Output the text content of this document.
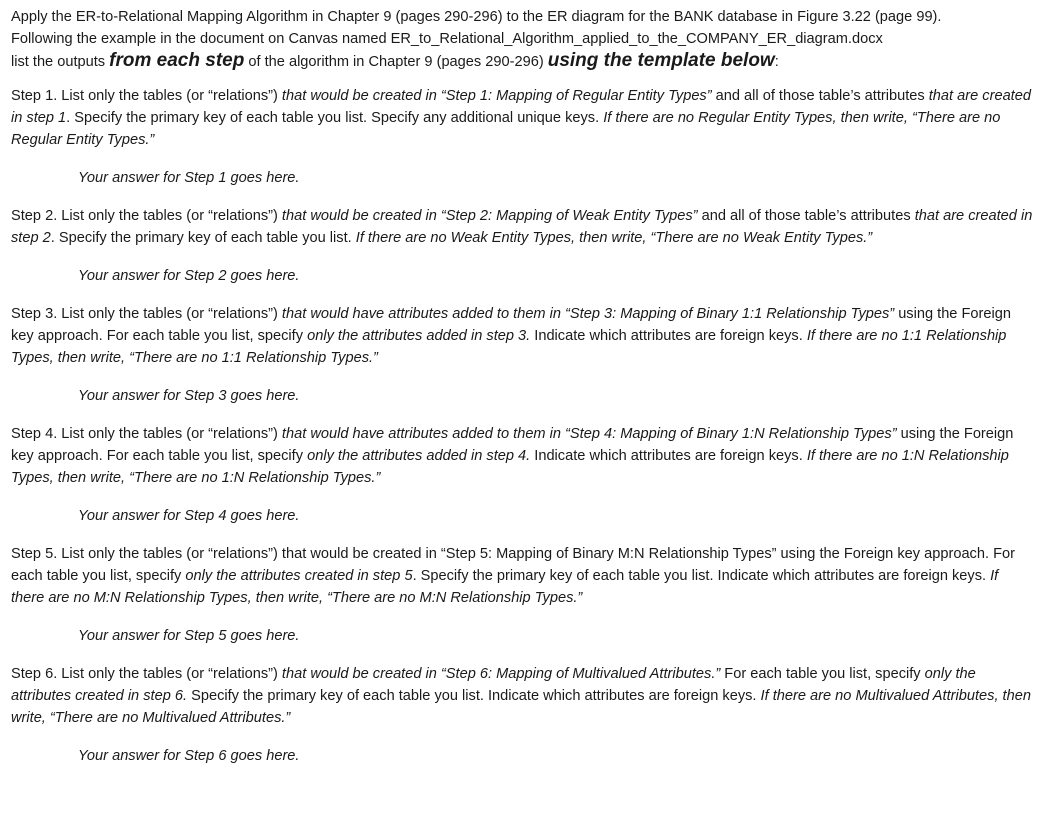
Apply the ER-to-Relational Mapping Algorithm in Chapter 9 (pages 290-296) to the ER diagram for the BANK database in Figure 3.22 (page 99).
Following the example in the document on Canvas named ER_to_Relational_Algorithm_applied_to_the_COMPANY_ER_diagram.docx
list the outputs from each step of the algorithm in Chapter 9 (pages 290-296) using the template below:

Step 1. List only the tables (or “relations”) that would be created in “Step 1: Mapping of Regular Entity Types” and all of those table’s attributes that are created in step 1. Specify the primary key of each table you list. Specify any additional unique keys. If there are no Regular Entity Types, then write, “There are no Regular Entity Types.”

Your answer for Step 1 goes here.

Step 2. List only the tables (or “relations”) that would be created in “Step 2: Mapping of Weak Entity Types” and all of those table’s attributes that are created in step 2. Specify the primary key of each table you list. If there are no Weak Entity Types, then write, “There are no Weak Entity Types.”

Your answer for Step 2 goes here.

Step 3. List only the tables (or “relations”) that would have attributes added to them in “Step 3: Mapping of Binary 1:1 Relationship Types” using the Foreign key approach. For each table you list, specify only the attributes added in step 3. Indicate which attributes are foreign keys. If there are no 1:1 Relationship Types, then write, “There are no 1:1 Relationship Types.”

Your answer for Step 3 goes here.

Step 4. List only the tables (or “relations”) that would have attributes added to them in “Step 4: Mapping of Binary 1:N Relationship Types” using the Foreign key approach. For each table you list, specify only the attributes added in step 4. Indicate which attributes are foreign keys. If there are no 1:N Relationship Types, then write, “There are no 1:N Relationship Types.”

Your answer for Step 4 goes here.

Step 5. List only the tables (or “relations”) that would be created in “Step 5: Mapping of Binary M:N Relationship Types” using the Foreign key approach. For each table you list, specify only the attributes created in step 5. Specify the primary key of each table you list. Indicate which attributes are foreign keys. If there are no M:N Relationship Types, then write, “There are no M:N Relationship Types.”

Your answer for Step 5 goes here.

Step 6. List only the tables (or “relations”) that would be created in “Step 6: Mapping of Multivalued Attributes.” For each table you list, specify only the attributes created in step 6. Specify the primary key of each table you list. Indicate which attributes are foreign keys. If there are no Multivalued Attributes, then write, “There are no Multivalued Attributes.”

Your answer for Step 6 goes here.
